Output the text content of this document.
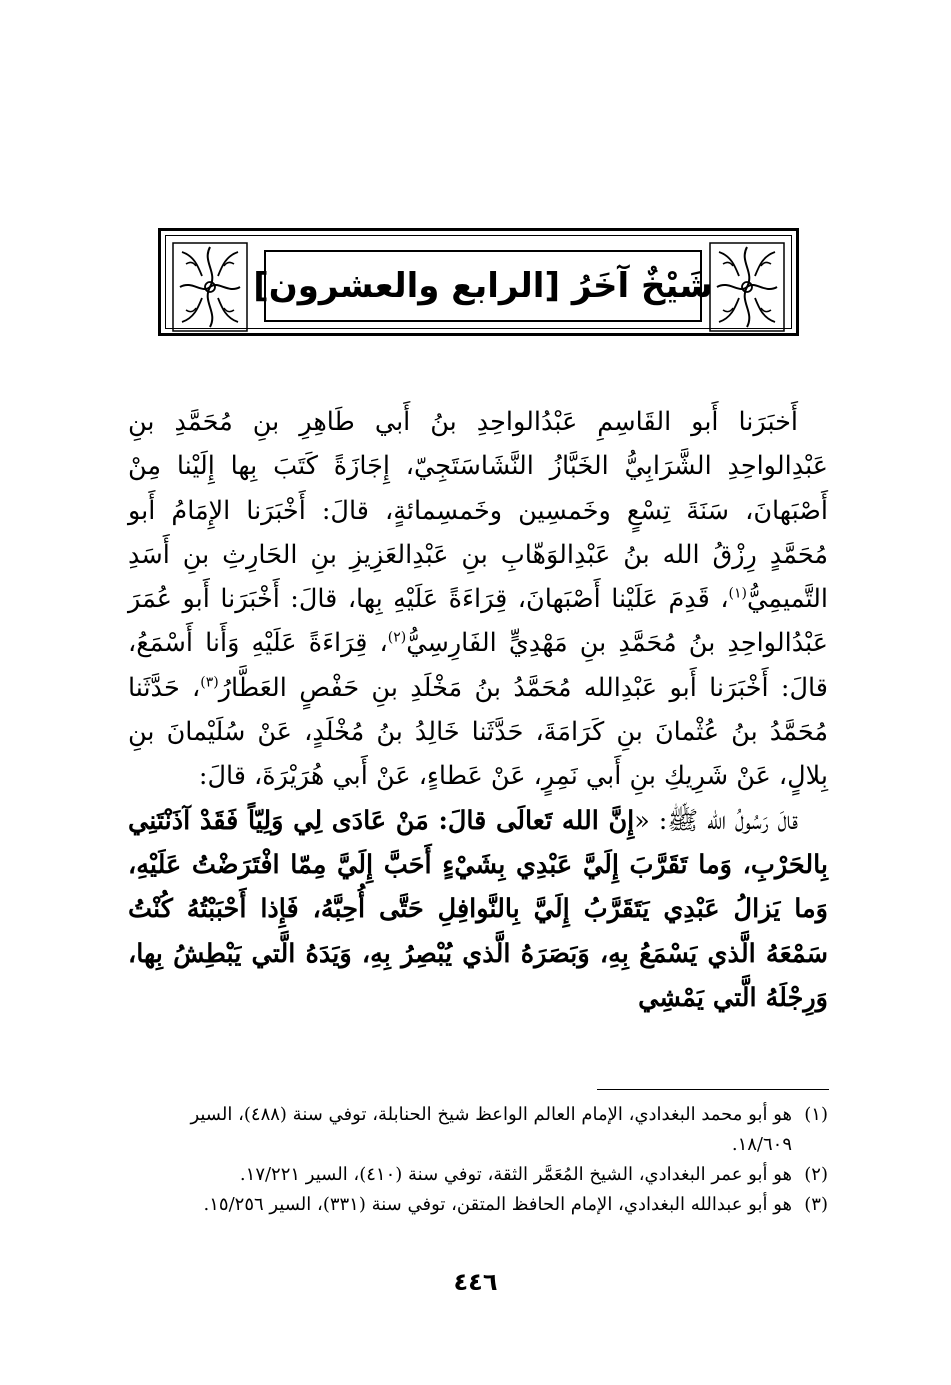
شَيْخٌ آخَرُ [الرابع والعشرون]

أَخبَرَنا أَبو القَاسِمِ عَبْدُالواحِدِ بنُ أَبي طَاهِرِ بنِ مُحَمَّدِ بنِ عَبْدِالواحِدِ الشَّرَابِيُّ الخَبَّازُ النَّشَاسَتَجِيّ، إِجَازَةً كَتَبَ بِها إِلَيْنا مِنْ أَصْبَهانَ، سَنَةَ تِسْعٍ وخَمسِين وخَمسِمائةٍ، قالَ: أَخْبَرَنا الإِمَامُ أَبو مُحَمَّدٍ رِزْقُ الله بنُ عَبْدِالوَهّابِ بنِ عَبْدِالعَزِيزِ بنِ الحَارِثِ بنِ أَسَدِ التَّميمِيُّ$^{(١)}$، قَدِمَ عَلَيْنا أَصْبَهانَ، قِرَاءَةً عَلَيْهِ بِها، قالَ: أَخْبَرَنا أَبو عُمَرَ عَبْدُالواحِدِ بنُ مُحَمَّدِ بنِ مَهْدِيٍّ الفَارِسِيُّ$^{(٢)}$، قِرَاءَةً عَلَيْهِ وَأَنا أَسْمَعُ، قالَ: أَخْبَرَنا أَبو عَبْدِالله مُحَمَّدُ بنُ مَخْلَدِ بنِ حَفْصٍ العَطَّارُ$^{(٣)}$، حَدَّثَنا مُحَمَّدُ بنُ عُثْمانَ بنِ كَرَامَةَ، حَدَّثَنا خَالِدُ بنُ مُخْلَدٍ، عَنْ سُلَيْمانَ بنِ بِلالٍ، عَنْ شَرِيكِ بنِ أَبي نَمِرٍ، عَنْ عَطاءٍ، عَنْ أَبي هُرَيْرَةَ، قالَ:

قالَ رَسُولُ الله ﷺ: «إِنَّ الله تَعالَى قالَ: مَنْ عَادَى لِي وَلِيّاً فَقَدْ آذَنْتَنِي بِالحَرْبِ، وَما تَقَرَّبَ إِلَيَّ عَبْدِي بِشَيْءٍ أَحَبَّ إِلَيَّ مِمّا افْتَرَضْتُ عَلَيْهِ، وَما يَزالُ عَبْدِي يَتَقَرَّبُ إِلَيَّ بِالنَّوافِلِ حَتَّى أُحِبَّهُ، فَإِذا أَحْبَبْتُهُ كُنْتُ سَمْعَهُ الَّذي يَسْمَعُ بِهِ، وَبَصَرَهُ الَّذي يُبْصِرُ بِهِ، وَيَدَهُ الَّتي يَبْطِشُ بِها، وَرِجْلَهُ الَّتي يَمْشِي

(١)
هو أبو محمد البغدادي، الإمام العالم الواعظ شيخ الحنابلة، توفي سنة (٤٨٨)، السير ١٨/٦٠٩.
(٢)
هو أبو عمر البغدادي، الشيخ المُعَمَّر الثقة، توفي سنة (٤١٠)، السير ١٧/٢٢١.
(٣)
هو أبو عبدالله البغدادي، الإمام الحافظ المتقن، توفي سنة (٣٣١)، السير ١٥/٢٥٦.
٤٤٦
